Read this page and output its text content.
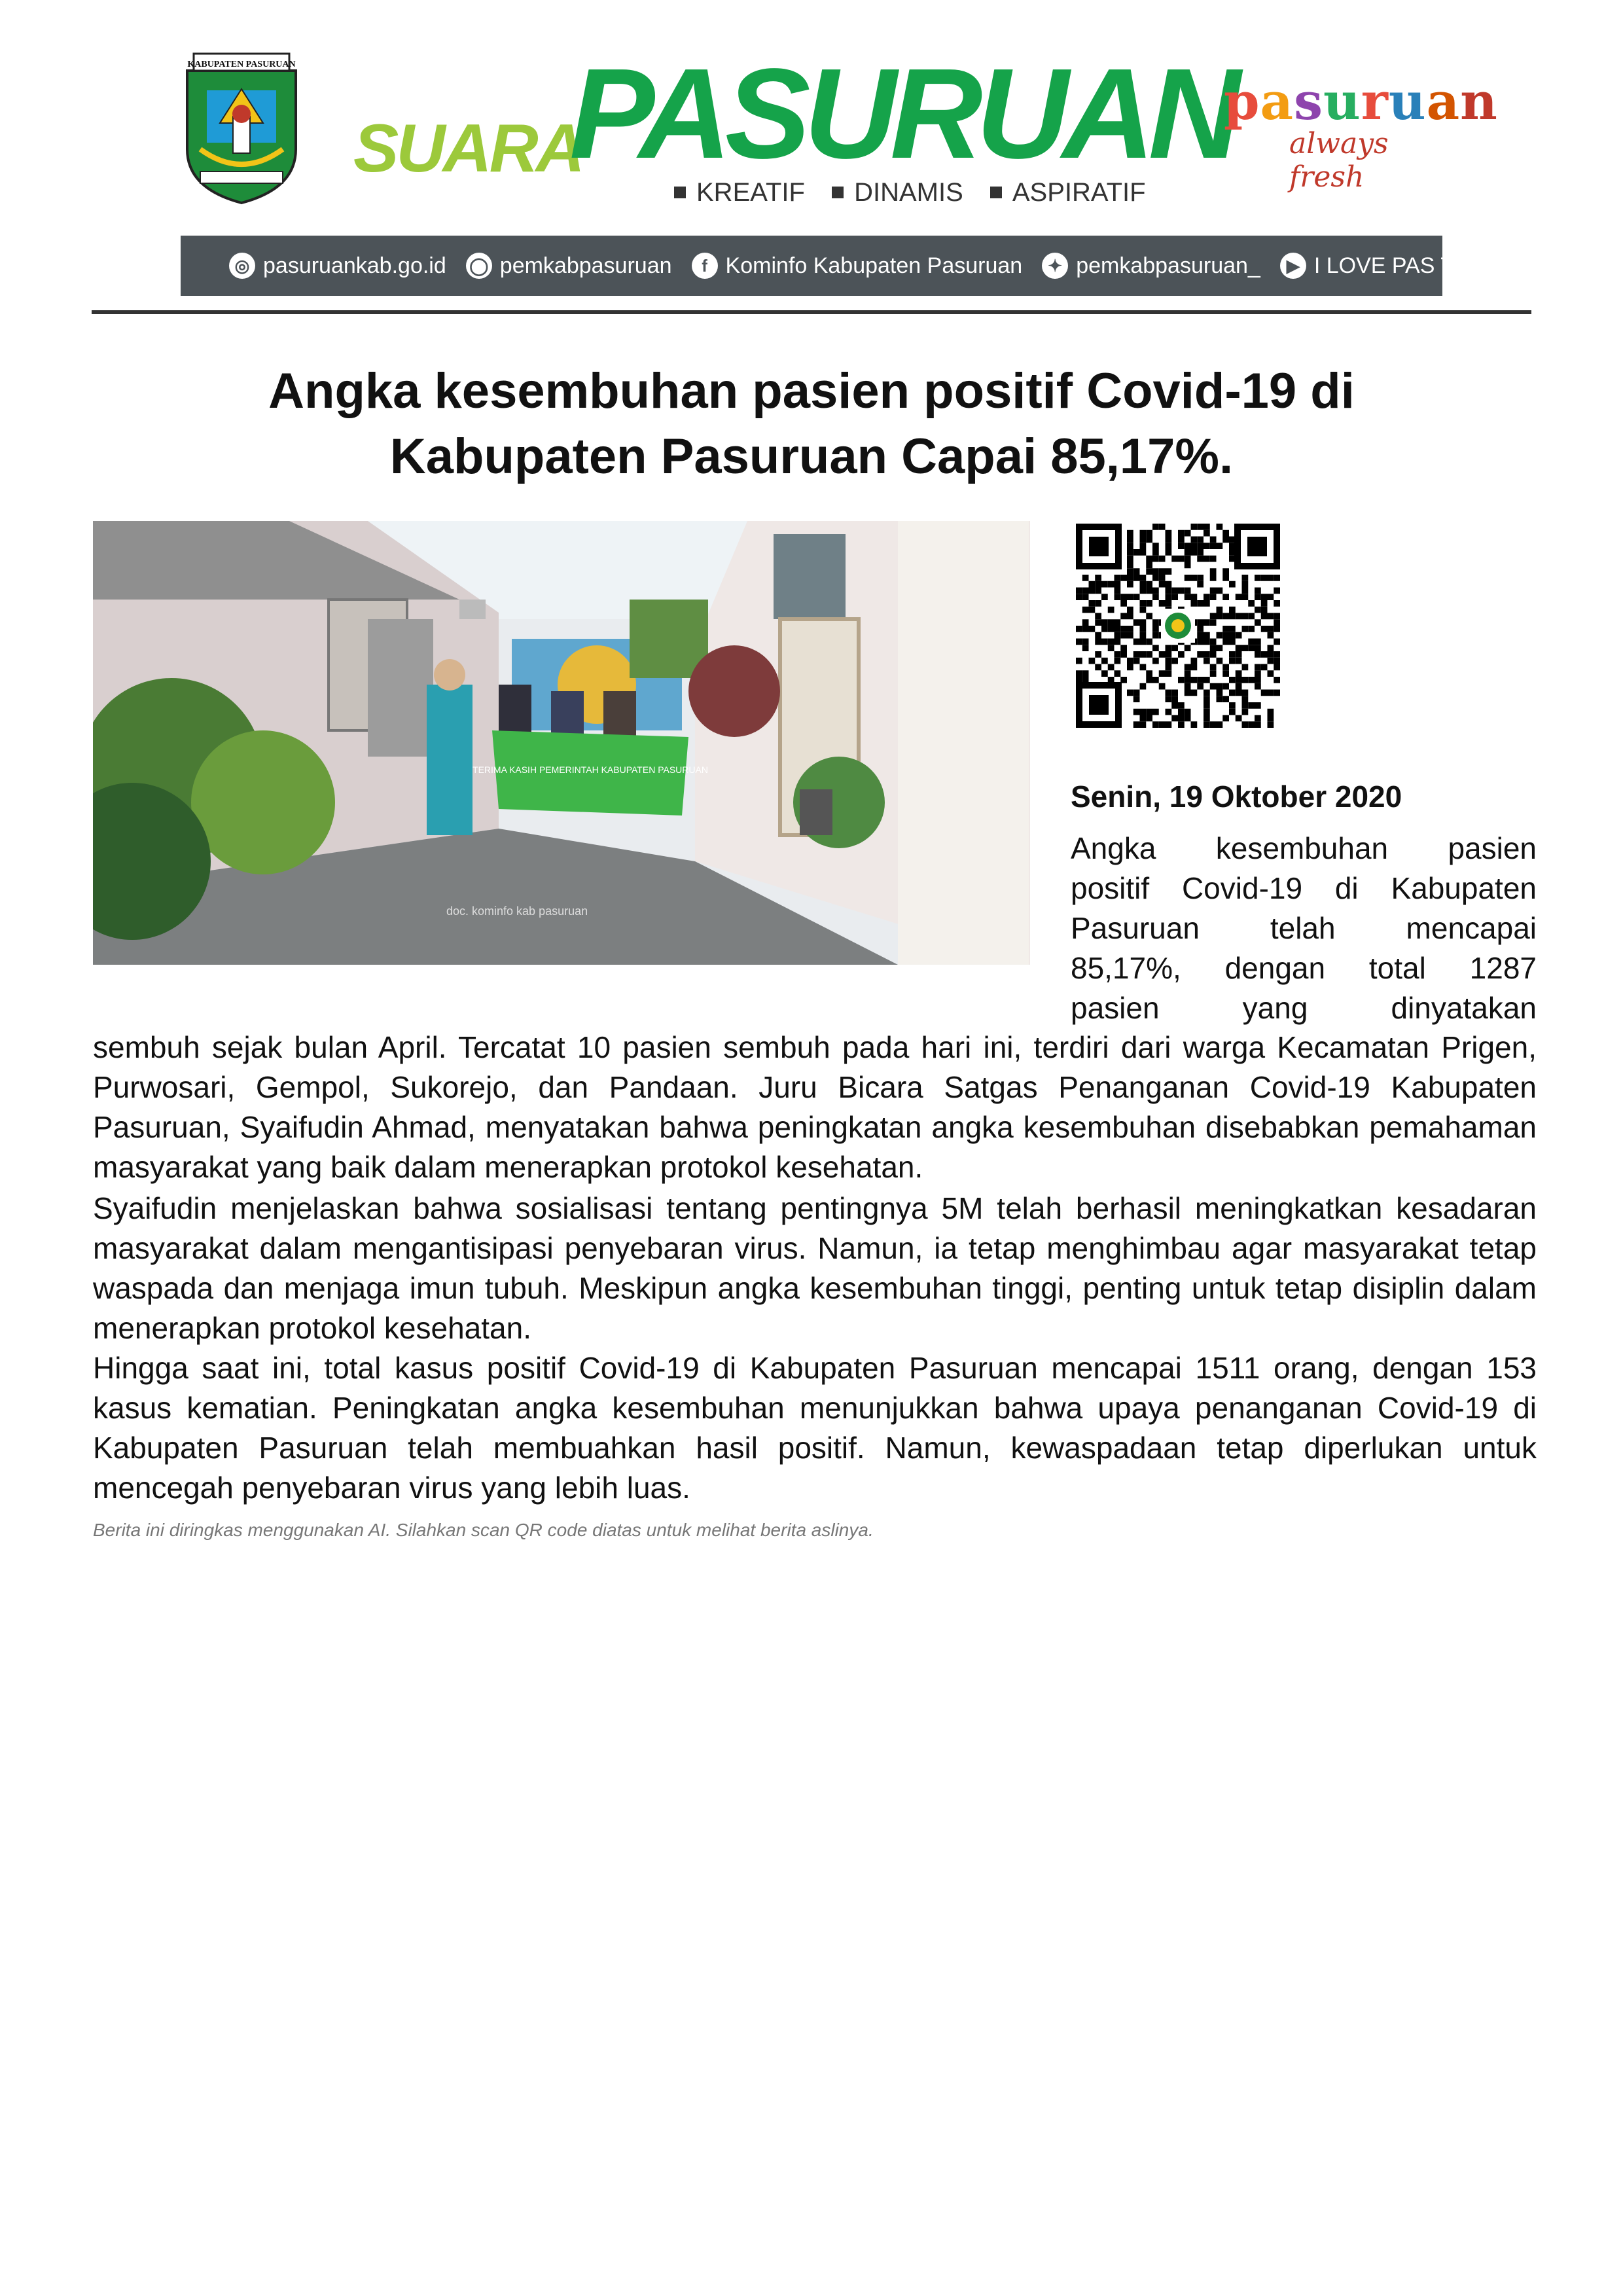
KABUPATEN PASURUAN
SUARA
PASURUAN
KREATIF DINAMIS ASPIRATIF
pasuruan
always fresh
◎ pasuruankab.go.id ◯ pemkabpasuruan	f Kominfo Kabupaten Pasuruan	✦ pemkabpasuruan_	▶ I LOVE PAS TV
Angka kesembuhan pasien positif Covid-19 di
Kabupaten Pasuruan Capai 85,17%.
TERIMA KASIH PEMERINTAH KABUPATEN PASURUAN
doc. kominfo kab pasuruan
Senin, 19 Oktober 2020
Angka kesembuhan pasien
positif Covid-19 di Kabupaten
Pasuruan telah mencapai
85,17%, dengan total 1287
pasien yang dinyatakan
sembuh sejak bulan April. Tercatat 10 pasien sembuh pada hari ini, terdiri dari warga Kecamatan Prigen, Purwosari, Gempol, Sukorejo, dan Pandaan. Juru Bicara Satgas Penanganan Covid-19 Kabupaten Pasuruan, Syaifudin Ahmad, menyatakan bahwa peningkatan angka kesembuhan disebabkan pemahaman masyarakat yang baik dalam menerapkan protokol kesehatan.
Syaifudin menjelaskan bahwa sosialisasi tentang pentingnya 5M telah berhasil meningkatkan kesadaran masyarakat dalam mengantisipasi penyebaran virus. Namun, ia tetap menghimbau agar masyarakat tetap waspada dan menjaga imun tubuh. Meskipun angka kesembuhan tinggi, penting untuk tetap disiplin dalam menerapkan protokol kesehatan.
Hingga saat ini, total kasus positif Covid-19 di Kabupaten Pasuruan mencapai 1511 orang, dengan 153 kasus kematian. Peningkatan angka kesembuhan menunjukkan bahwa upaya penanganan Covid-19 di Kabupaten Pasuruan telah membuahkan hasil positif. Namun, kewaspadaan tetap diperlukan untuk mencegah penyebaran virus yang lebih luas.
Berita ini diringkas menggunakan AI. Silahkan scan QR code diatas untuk melihat berita aslinya.
